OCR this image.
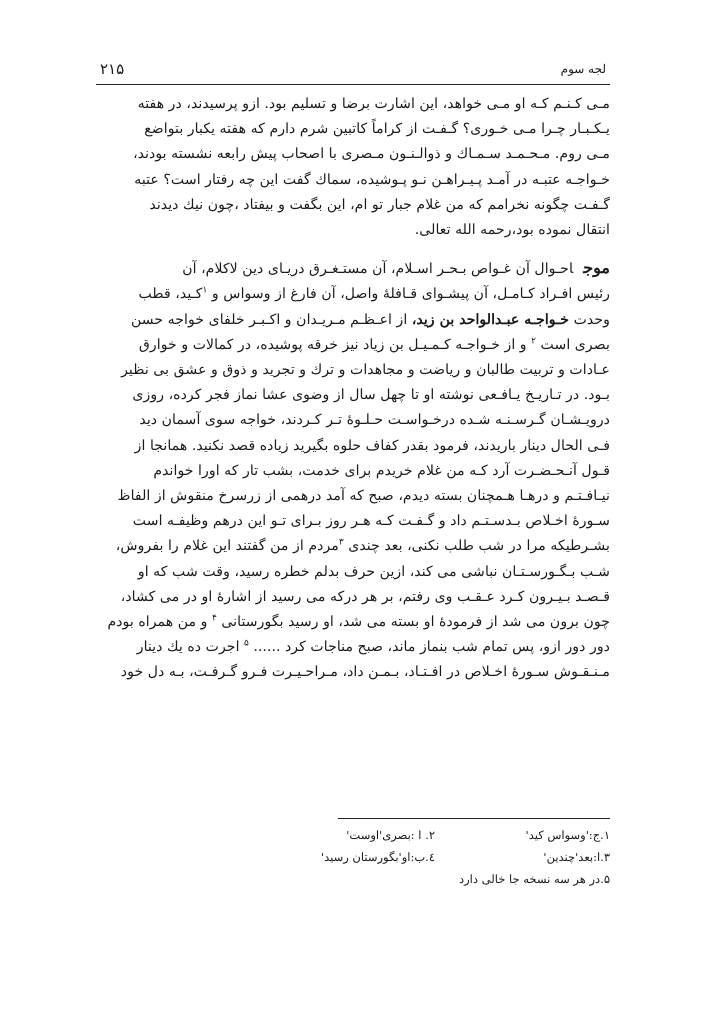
۲۱۵	لجه سوم

مـی کـنـم کـه او مـی خواهد، این اشارت برضا و تسلیم بود. ازو پرسیدند، در هفته

یـکـبـار چـرا مـی خـوری؟ گـفـت از کراماً کاتبین شرم دارم که هفته یکبار بتواضع

مـی روم. مـحـمـد سـمـاك و ذوالـنـون مـصری با اصحاب پیش رابعه نشسته بودند،

خـواجـه عتبـه در آمـد پـیـراهـن نـو پـوشیده، سماك گفت این چه رفتار است؟ عتبه

گـفـت چگونه نخرامم که من غلام جبار تو ام، این بگفت و بیفتاد ،چون نیك دیدند

انتقال نموده بود،رحمه الله تعالی.

موجاحـوال آن غـواص بـحـر اسـلام، آن مستـغـرق دریـای دین لاکلام، آن

رئیس افـراد کـامـل، آن پیشـوای قـافلۀ واصل، آن فارغ از وسواس و $^۱$کـید، قطب

وحدت خـواجـه عبـدالواحد بن زید، از اعـظـم مـریـدان و اکـبـر خلفای خواجه حسن

بصری است $^۲$ و از خـواجـه کـمـیـل بن زیاد نیز خرقه پوشیده، در کمالات و خوارق

عـادات و تربیت طالبان و ریاضت و مجاهدات و ترك و تجرید و ذوق و عشق بی نظیر

بـود. در تـاریـخ یـافـعی نوشته او تا چهل سال از وضوی عشا نماز فجر کرده، روزی

درویـشـان گـرسـنـه شـده درخـواسـت حـلـوۀ تـر کـردند، خواجه سوی آسمان دید

فـی الحال دینار باریدند، فرمود بقدر کفاف حلوه بگیرید زیاده قصد نکنید. همانجا از

قـول آنـحـضـرت آرد کـه من غلام خریدم برای خدمت، بشب تار که اورا خواندم

نیـافـتـم و درهـا هـمچنان بسته دیدم، صبح که آمد درهمی از زرسرخ منقوش از الفاظ

سـورۀ اخـلاص بـدسـتـم داد و گـفـت کـه هـر روز بـرای تـو این درهم وظیفـه است

بشـرطیکه مرا در شب طلب نکنی، بعد چندی $^۳$مردم از من گفتند این غلام را بفروش،

شـب بـگـورسـتـان نباشی می کند، ازین حرف بدلم خطره رسید، وقت شب که او

قـصـد بـیـرون کـرد عـقـب وی رفتم، بر هر درکه می رسید از اشارۀ او در می کشاد،

چون برون می شد از فرمودۀ او بسته می شد، او رسید بگورستانی $^۴$ و من همراه بودم

دور دور ازو، پس تمام شب بنماز ماند، صبح مناجات کرد ...... $^۵$ اجرت ده یك دینار

مـنـقـوش سـورۀ اخـلاص در افـتـاد، بـمـن داد، مـراحـیـرت فـرو گـرفـت، بـه دل خود

۱.ج:'وسواس کید'
۲. ا :بصری'اوست'
۳.ا:بعد'چندین'
٤.ب:او'بگورستان رسید'
۵.در هر سه نسخه جا خالی دارد
